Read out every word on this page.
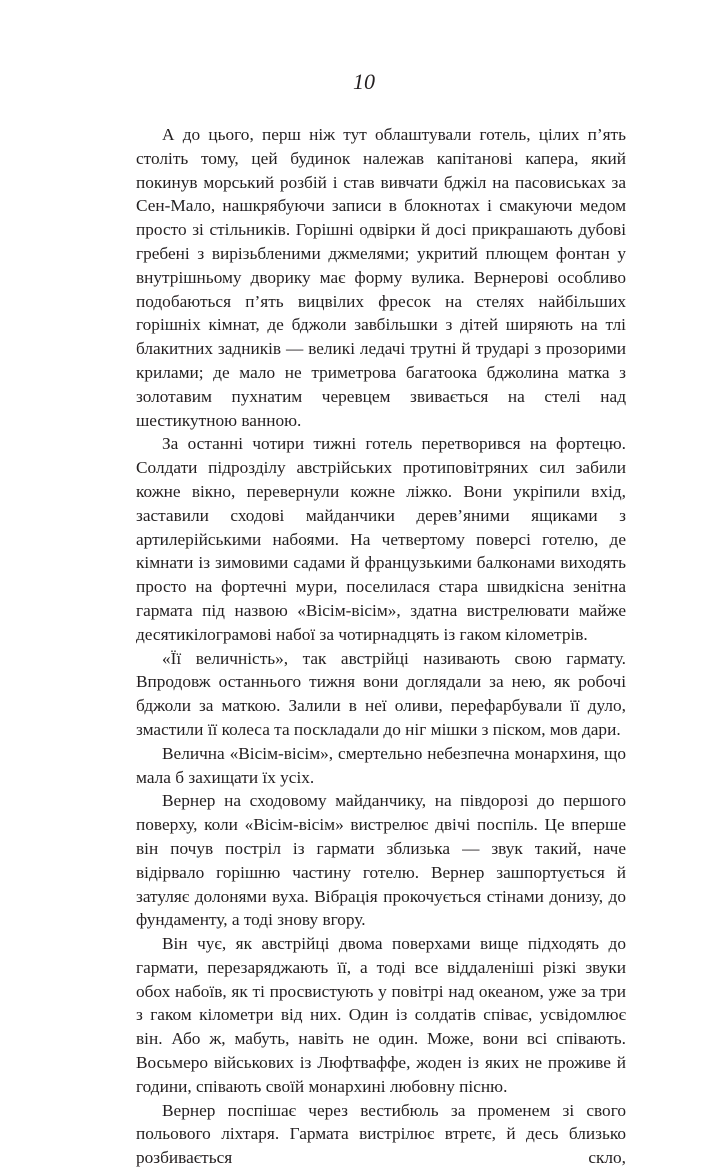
10

А до цього, перш ніж тут облаштували готель, цілих п’ять століть тому, цей будинок належав капітанові капера, який покинув морський розбій і став вивчати бджіл на пасовиськах за Сен-Мало, нашкрябуючи записи в блокнотах і смакуючи медом просто зі стільників. Горішні одвірки й досі прикрашають дубові гребені з вирізьбленими джмелями; укритий плющем фонтан у внутрішньому дворику має форму вулика. Вернерові особливо подобаються п’ять вицвілих фресок на стелях найбільших горішніх кімнат, де бджоли завбільшки з дітей ширяють на тлі блакитних задників — великі ледачі трутні й трударі з прозорими крилами; де мало не триметрова багатоока бджолина матка з золотавим пухнатим черевцем звивається на стелі над шестикутною ванною.

За останні чотири тижні готель перетворився на фортецю. Солдати підрозділу австрійських протиповітряних сил забили кожне вікно, перевернули кожне ліжко. Вони укріпили вхід, заставили сходові майданчики дерев’яними ящиками з артилерійськими набоями. На четвертому поверсі готелю, де кімнати із зимовими садами й французькими балконами виходять просто на фортечні мури, поселилася стара швидкісна зенітна гармата під назвою «Вісім-вісім», здатна вистрелювати майже десятикілограмові набої за чотирнадцять із гаком кілометрів.

«Її величність», так австрійці називають свою гармату. Впродовж останнього тижня вони доглядали за нею, як робочі бджоли за маткою. Залили в неї оливи, перефарбували її дуло, змастили її колеса та поскладали до ніг мішки з піском, мов дари.

Велична «Вісім-вісім», смертельно небезпечна монархиня, що мала б захищати їх усіх.

Вернер на сходовому майданчику, на півдорозі до першого поверху, коли «Вісім-вісім» вистрелює двічі поспіль. Це вперше він почув постріл із гармати зблизька — звук такий, наче відірвало горішню частину готелю. Вернер зашпортується й затуляє долонями вуха. Вібрація прокочується стінами донизу, до фундаменту, а тоді знову вгору.

Він чує, як австрійці двома поверхами вище підходять до гармати, перезаряджають її, а тоді все віддаленіші різкі звуки обох набоїв, як ті просвистують у повітрі над океаном, уже за три з гаком кілометри від них. Один із солдатів співає, усвідомлює він. Або ж, мабуть, навіть не один. Може, вони всі співають. Восьмеро військових із Люфтваффе, жоден із яких не проживе й години, співають своїй монархині любовну пісню.

Вернер поспішає через вестибюль за променем зі свого польового ліхтаря. Гармата вистрілює втретє, й десь близько розбивається скло,
